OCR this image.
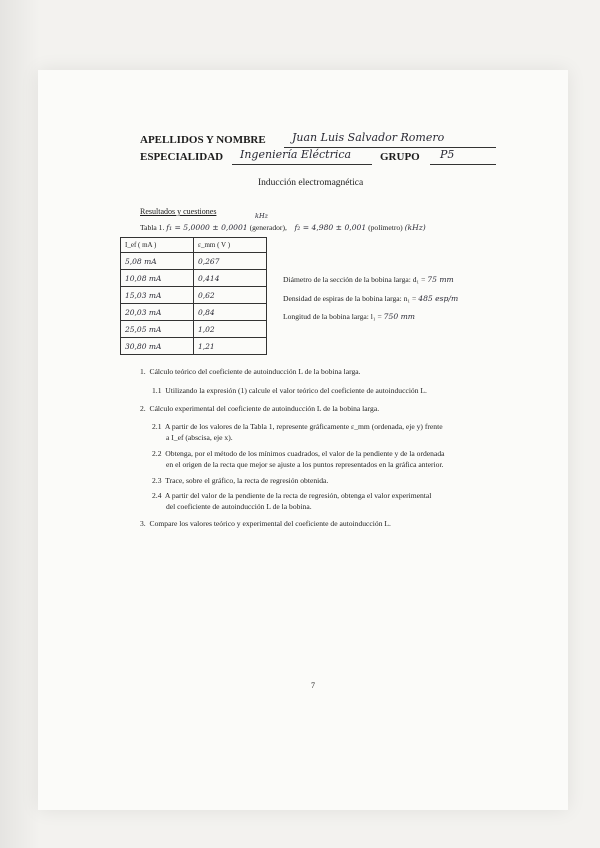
APELLIDOS Y NOMBRE Juan Luis Salvador Romero
ESPECIALIDAD Ingeniería Eléctrica	GRUPO P5
Inducción electromagnética
Resultados y cuestiones
Tabla 1. f₁ = 5,0000 ± 0,0001 (generador), f₂ = 4,980 ± 0,001 (polímetro) (kHz)
kHz
I_ef ( mA )	ε_mm ( V )
5,08 mA	0,267
10,08 mA	0,414
15,03 mA	0,62
20,03 mA	0,84
25,05 mA	1,02
30,80 mA	1,21
Diámetro de la sección de la bobina larga: d₁ = 75 mm
Densidad de espiras de la bobina larga: n₁ = 485 esp/m
Longitud de la bobina larga: l₁ = 750 mm
1. Cálculo teórico del coeficiente de autoinducción L de la bobina larga.
1.1 Utilizando la expresión (1) calcule el valor teórico del coeficiente de autoinducción L.
2. Cálculo experimental del coeficiente de autoinducción L de la bobina larga.
2.1 A partir de los valores de la Tabla 1, represente gráficamente ε_mm (ordenada, eje y) frente
a I_ef (abscisa, eje x).
2.2 Obtenga, por el método de los mínimos cuadrados, el valor de la pendiente y de la ordenada
en el origen de la recta que mejor se ajuste a los puntos representados en la gráfica anterior.
2.3 Trace, sobre el gráfico, la recta de regresión obtenida.
2.4 A partir del valor de la pendiente de la recta de regresión, obtenga el valor experimental
del coeficiente de autoinducción L de la bobina.
3. Compare los valores teórico y experimental del coeficiente de autoinducción L.
7
